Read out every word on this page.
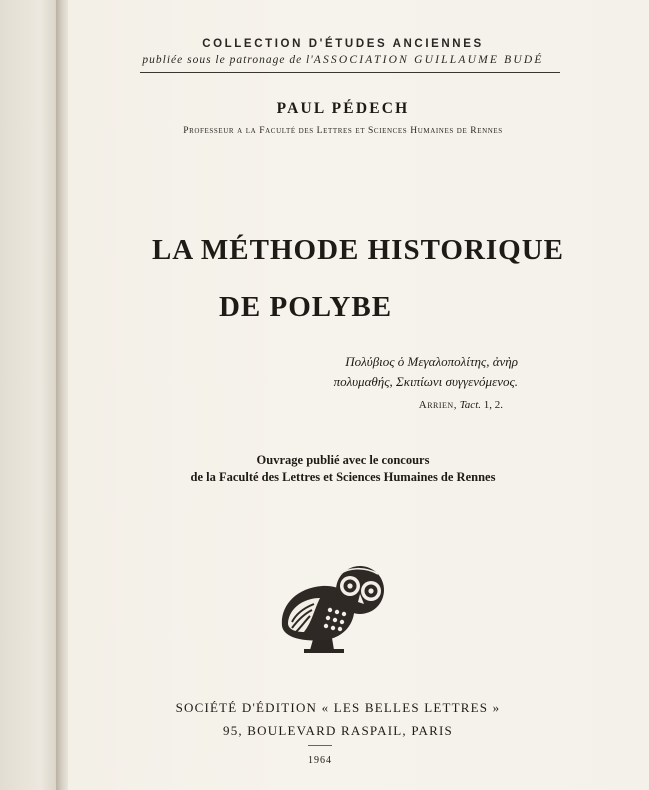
COLLECTION D'ÉTUDES ANCIENNES
publiée sous le patronage de l'ASSOCIATION GUILLAUME BUDÉ
PAUL PÉDECH
Professeur a la Faculté des Lettres et Sciences Humaines de Rennes
LA MÉTHODE HISTORIQUE
DE POLYBE
Πολύβιος ὁ Μεγαλοπολίτης, ἀνὴρ
πολυμαθής, Σκιπίωνι συγγενόμενος.
Arrien, Tact. 1, 2.
Ouvrage publié avec le concours
de la Faculté des Lettres et Sciences Humaines de Rennes
SOCIÉTÉ D'ÉDITION « LES BELLES LETTRES »
95, BOULEVARD RASPAIL, PARIS
1964
